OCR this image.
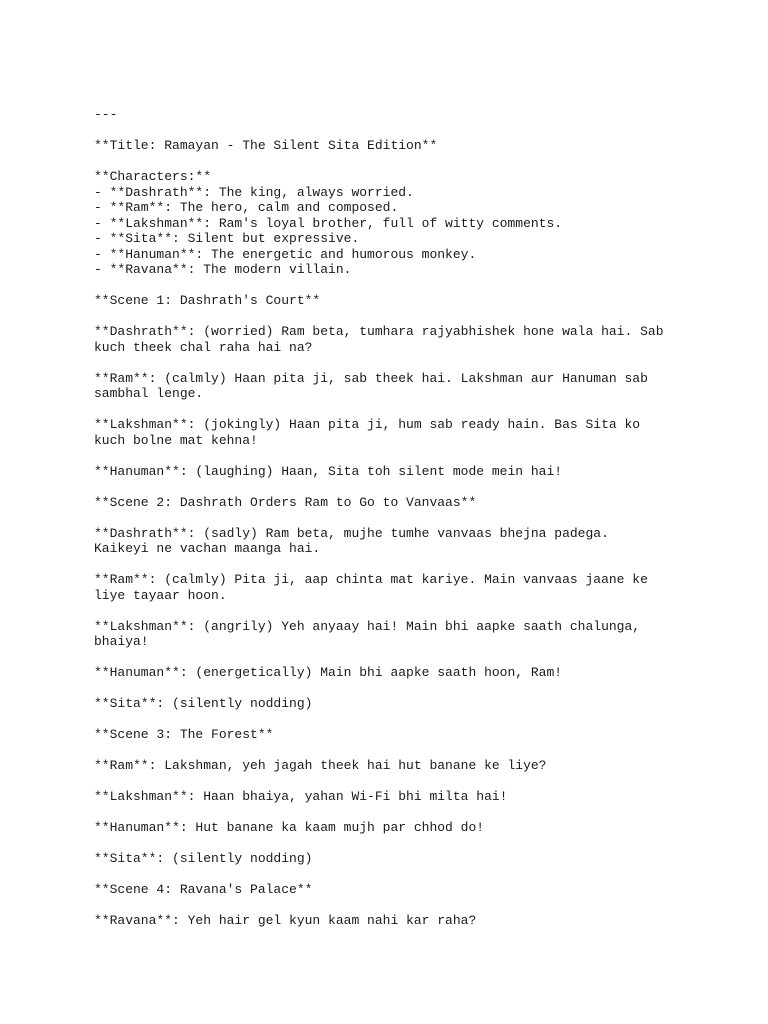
---

**Title: Ramayan - The Silent Sita Edition**

**Characters:**

- **Dashrath**: The king, always worried.

- **Ram**: The hero, calm and composed.

- **Lakshman**: Ram's loyal brother, full of witty comments.

- **Sita**: Silent but expressive.

- **Hanuman**: The energetic and humorous monkey.

- **Ravana**: The modern villain.

**Scene 1: Dashrath's Court**

**Dashrath**: (worried) Ram beta, tumhara rajyabhishek hone wala hai. Sab
kuch theek chal raha hai na?

**Ram**: (calmly) Haan pita ji, sab theek hai. Lakshman aur Hanuman sab
sambhal lenge.

**Lakshman**: (jokingly) Haan pita ji, hum sab ready hain. Bas Sita ko
kuch bolne mat kehna!

**Hanuman**: (laughing) Haan, Sita toh silent mode mein hai!

**Scene 2: Dashrath Orders Ram to Go to Vanvaas**

**Dashrath**: (sadly) Ram beta, mujhe tumhe vanvaas bhejna padega.
Kaikeyi ne vachan maanga hai.

**Ram**: (calmly) Pita ji, aap chinta mat kariye. Main vanvaas jaane ke
liye tayaar hoon.

**Lakshman**: (angrily) Yeh anyaay hai! Main bhi aapke saath chalunga,
bhaiya!

**Hanuman**: (energetically) Main bhi aapke saath hoon, Ram!

**Sita**: (silently nodding)

**Scene 3: The Forest**

**Ram**: Lakshman, yeh jagah theek hai hut banane ke liye?

**Lakshman**: Haan bhaiya, yahan Wi-Fi bhi milta hai!

**Hanuman**: Hut banane ka kaam mujh par chhod do!

**Sita**: (silently nodding)

**Scene 4: Ravana's Palace**

**Ravana**: Yeh hair gel kyun kaam nahi kar raha?
